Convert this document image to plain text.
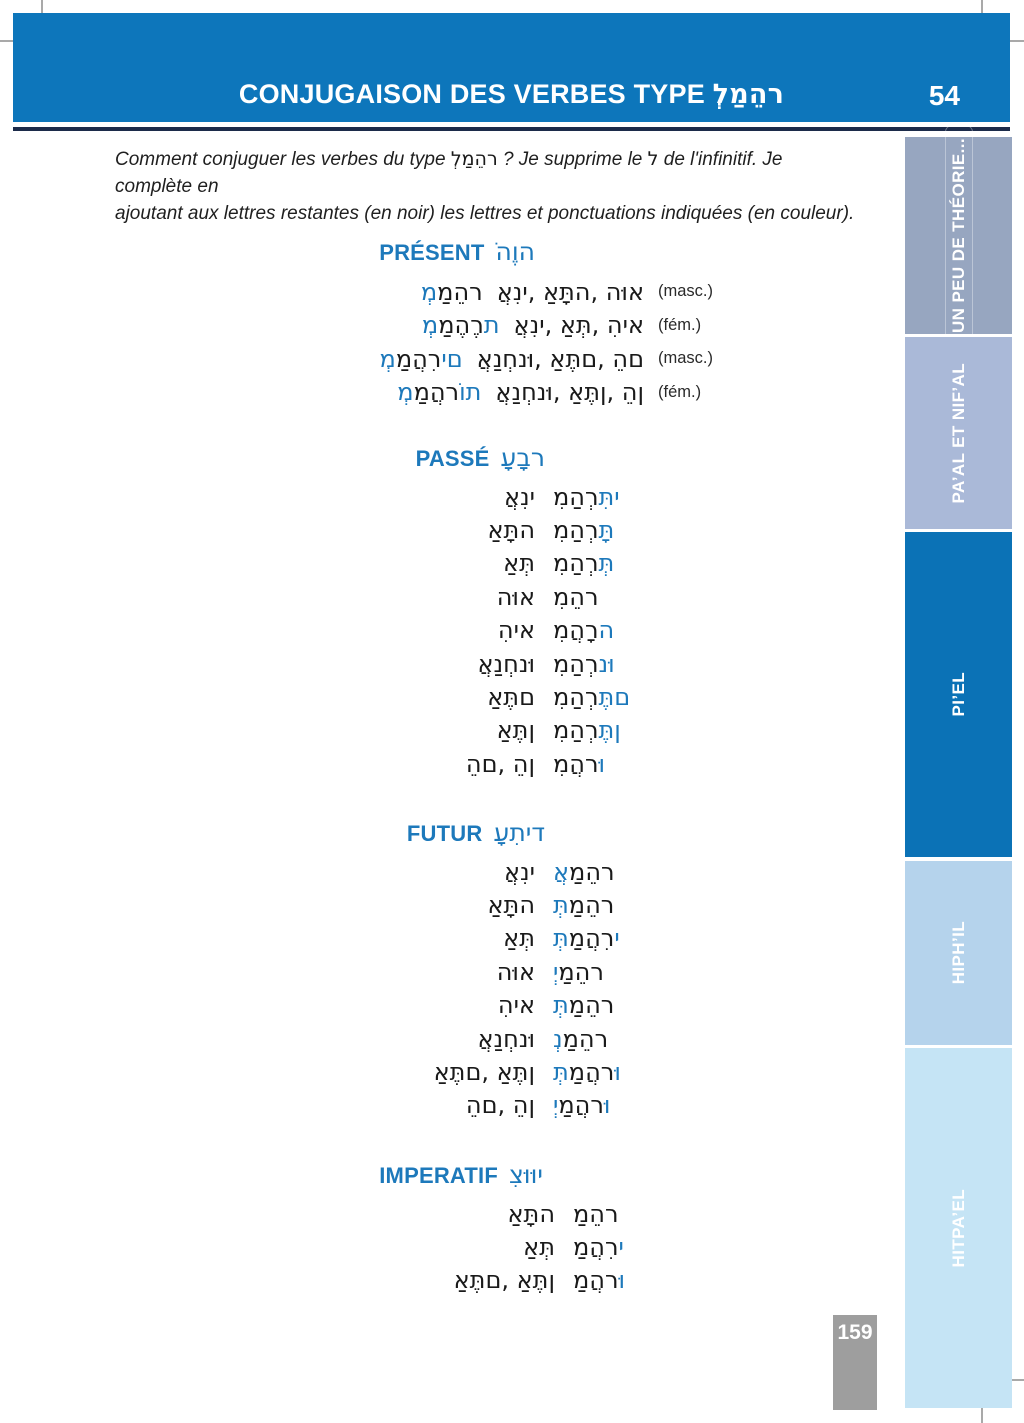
CONJUGAISON DES VERBES TYPE לְמַהֵר	54
Comment conjuguer les verbes du type לְמַהֵר ? Je supprime le ל de l'infinitif. Je complète en
ajoutant aux lettres restantes (en noir) les lettres et ponctuations indiquées (en couleur).
PRÉSENT הֹוֶה
מְמַהֵר אֲנִי, אַתָּה, הוּא (masc.)
מְמַהֶרֶת אֲנִי, אַתְּ, הִיא (fém.)
מְמַהֲרִים אֲנַחְנוּ, אַתֶּם, הֵם (masc.)
מְמַהֲרוֹת אֲנַחְנוּ, אַתֶּן, הֵן (fém.)
PASSÉ עָבָר
אֲנִי מִהַרְתִּי
אַתָּה מִהַרְתָּ
אַתְּ מִהַרְתְּ
הוּא מִהֵר
הִיא מִהֲרָה
אֲנַחְנוּ מִהַרְנוּ
אַתֶּם מִהַרְתֶּם
אַתֶּן מִהַרְתֶּן
הֵם, הֵן מִהֲרוּ
FUTUR עָתִיד
אֲנִי אֲמַהֵר
אַתָּה תְּמַהֵר
אַתְּ תְּמַהֲרִי
הוּא יְמַהֵר
הִיא תְּמַהֵר
אֲנַחְנוּ נְמַהֵר
אַתֶּם, אַתֶּן תְּמַהֲרוּ
הֵם, הֵן יְמַהֲרוּ
IMPERATIF צִוּוּי
אַתָּה מַהֵר
אַתְּ מַהֲרִי
אַתֶּם, אַתֶּן מַהֲרוּ
UN PEU DE THÉORIE...
PA’AL ET NIF’AL
PI’EL
HIPH’IL
HITPA’EL
159
